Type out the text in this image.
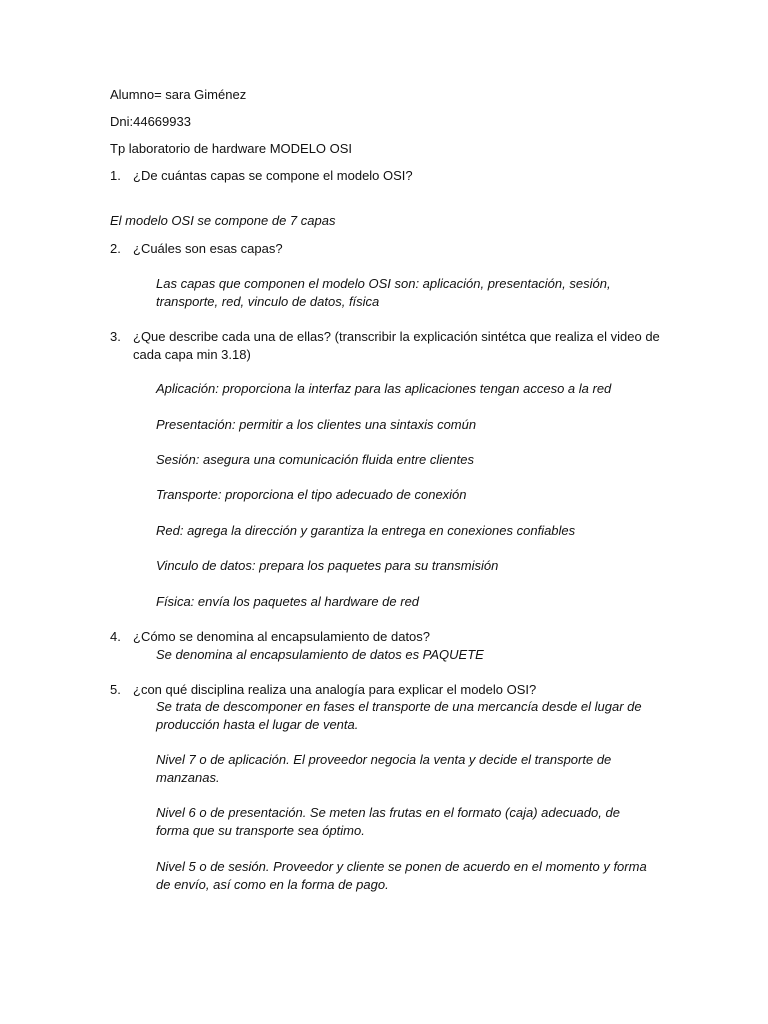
Alumno= sara Giménez
Dni:44669933
Tp laboratorio de hardware MODELO OSI
1. ¿De cuántas capas se compone el modelo OSI?
El modelo OSI se compone de 7 capas
2. ¿Cuáles son esas capas?
Las capas que componen el modelo OSI son: aplicación, presentación, sesión,
transporte, red, vinculo de datos, física
3. ¿Que describe cada una de ellas? (transcribir la explicación sintétca que realiza el video de
cada capa min 3.18)
Aplicación: proporciona la interfaz para las aplicaciones tengan acceso a la red
Presentación: permitir a los clientes una sintaxis común
Sesión: asegura una comunicación fluida entre clientes
Transporte: proporciona el tipo adecuado de conexión
Red: agrega la dirección y garantiza la entrega en conexiones confiables
Vinculo de datos: prepara los paquetes para su transmisión
Física: envía los paquetes al hardware de red
4. ¿Cómo se denomina al encapsulamiento de datos?
Se denomina al encapsulamiento de datos es PAQUETE
5. ¿con qué disciplina realiza una analogía para explicar el modelo OSI?
Se trata de descomponer en fases el transporte de una mercancía desde el lugar de
producción hasta el lugar de venta.
Nivel 7 o de aplicación. El proveedor negocia la venta y decide el transporte de
manzanas.
Nivel 6 o de presentación. Se meten las frutas en el formato (caja) adecuado, de
forma que su transporte sea óptimo.
Nivel 5 o de sesión. Proveedor y cliente se ponen de acuerdo en el momento y forma
de envío, así como en la forma de pago.
